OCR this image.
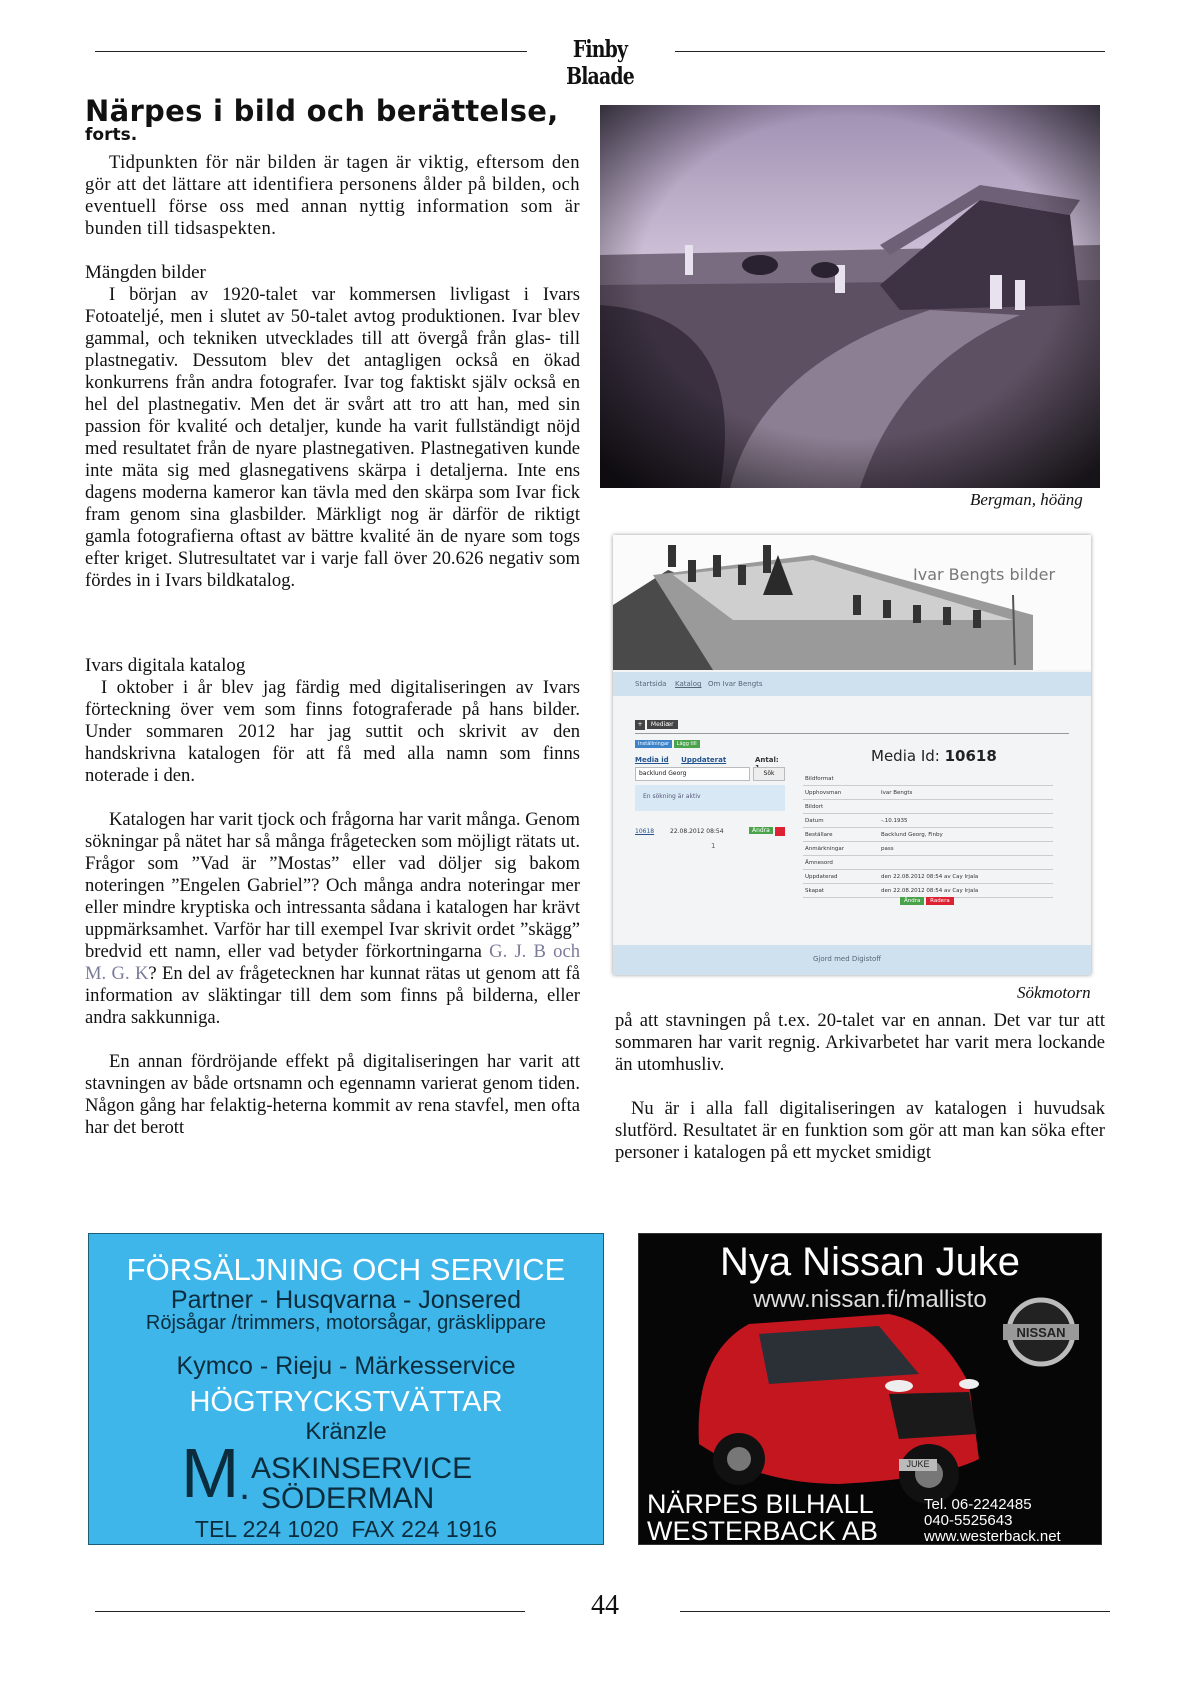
Finby Blaade
Närpes i bild och berättelse,
forts.

Tidpunkten för när bilden är tagen är viktig, eftersom den gör att det lättare att identifiera personens ålder på bilden, och eventuell förse oss med annan nyttig information som är bunden till tidsaspekten.

Mängden bilder

I början av 1920-talet var kommersen livligast i Ivars Fotoateljé, men i slutet av 50-talet avtog produktionen. Ivar blev gammal, och tekniken utvecklades till att övergå från glas- till plastnegativ. Dessutom blev det antagligen också en ökad konkurrens från andra fotografer. Ivar tog faktiskt själv också en hel del plastnegativ. Men det är svårt att tro att han, med sin passion för kvalité och detaljer, kunde ha varit fullständigt nöjd med resultatet från de nyare plastnegativen. Plastnegativen kunde inte mäta sig med glasnegativens skärpa i detaljerna. Inte ens dagens moderna kameror kan tävla med den skärpa som Ivar fick fram genom sina glasbilder. Märkligt nog är därför de riktigt gamla fotografierna oftast av bättre kvalité än de nyare som togs efter kriget. Slutresultatet var i varje fall över 20.626 negativ som fördes in i Ivars bildkatalog.

Ivars digitala katalog

I oktober i år blev jag färdig med digitaliseringen av Ivars förteckning över vem som finns fotograferade på hans bilder. Under sommaren 2012 har jag suttit och skrivit av den handskrivna katalogen för att få med alla namn som finns noterade i den.

Katalogen har varit tjock och frågorna har varit många. Genom sökningar på nätet har så många frågetecken som möjligt rätats ut. Frågor som ”Vad är ”Mostas” eller vad döljer sig bakom noteringen ”Engelen Gabriel”? Och många andra noteringar mer eller mindre kryptiska och intressanta sådana i katalogen har krävt uppmärksamhet. Varför har till exempel Ivar skrivit ordet ”skägg” bredvid ett namn, eller vad betyder förkortningarna G. J. B och M. G. K? En del av frågetecknen har kunnat rätas ut genom att få information av släktingar till dem som finns på bilderna, eller andra sakkunniga.

En annan fördröjande effekt på digitaliseringen har varit att stavningen av både ortsnamn och egennamn varierat genom tiden. Någon gång har felaktig-heterna kommit av rena stavfel, men ofta har det berott

Bergman, höäng
Ivar Bengts bilder
Startsida Katalog Om Ivar Bengts
+ Mediær
Inställningar Lägg till
Media id Uppdaterat	Antal:
backlund Georg	Sök
En sökning är aktiv
10618	22.08.2012 08:54	Ändra
1
Media Id: 10618
Bildformat
Upphovsman	Ivar Bengts
Bildort
Datum	-.10.1935
Beställare	Backlund Georg, Finby
Anmärkningar	pass
Ämnesord
Uppdaterad	den 22.08.2012 08:54 av Cay Irjala
Skapat	den 22.08.2012 08:54 av Cay Irjala
Ändra Radera
Gjord med Digistoff
Sökmotorn

på att stavningen på t.ex. 20-talet var en annan. Det var tur att sommaren har varit regnig. Arkivarbetet har varit mera lockande än utomhusliv.

Nu är i alla fall digitaliseringen av katalogen i huvudsak slutförd. Resultatet är en funktion som gör att man kan söka efter personer i katalogen på ett mycket smidigt

FÖRSÄLJNING OCH SERVICE
Partner - Husqvarna - Jonsered
Röjsågar /trimmers, motorsågar, gräsklippare
Kymco - Rieju - Märkesservice
HÖGTRYCKSTVÄTTAR
Kränzle
M . ASKINSERVICE
SÖDERMAN
TEL 224 1020  FAX 224 1916
Nya Nissan Juke
www.nissan.fi/mallisto
JUKE
NISSAN
NÄRPES BILHALL
WESTERBACK AB
Tel. 06-2242485
040-5525643
www.westerback.net
44
